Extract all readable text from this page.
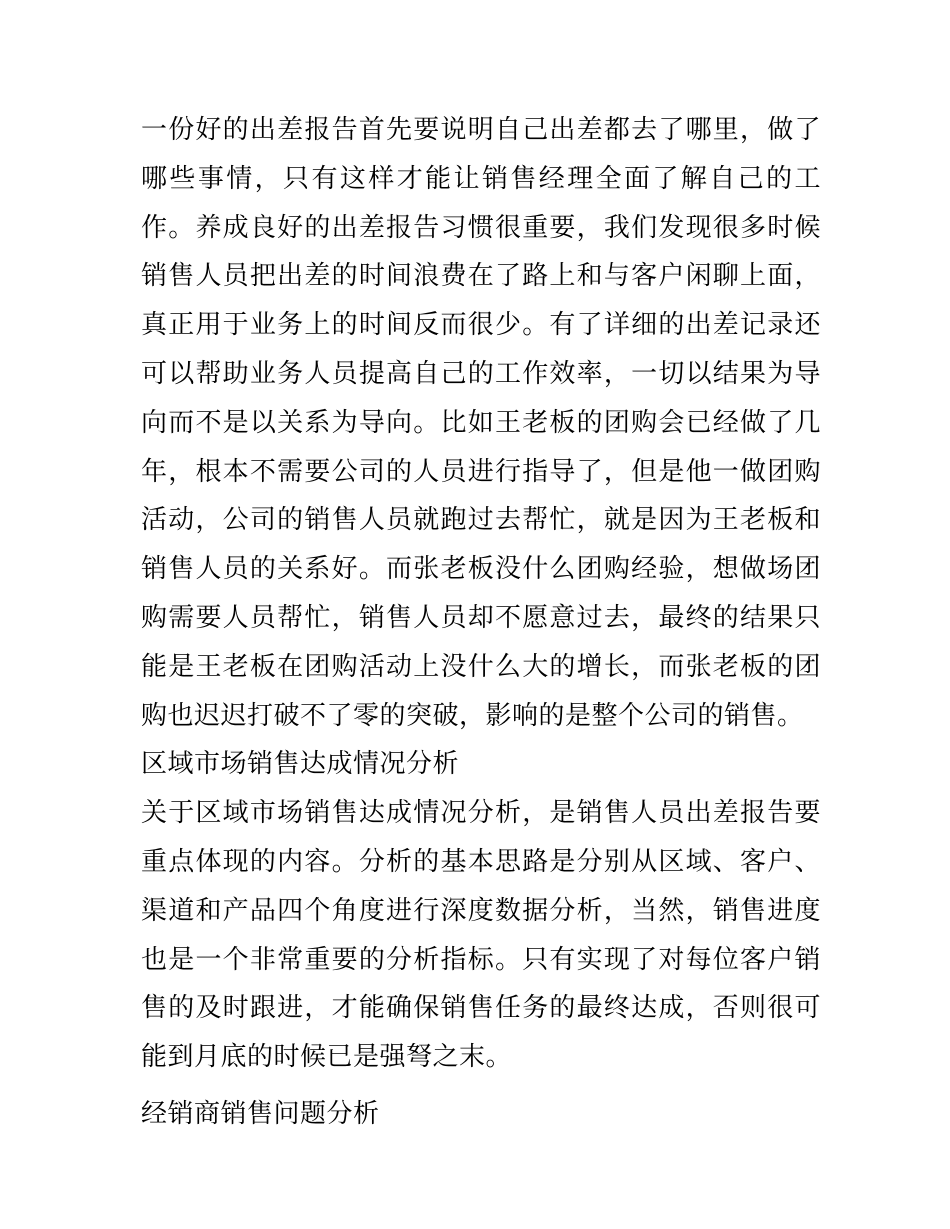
一份好的出差报告首先要说明自己出差都去了哪里，做了哪些事情，只有这样才能让销售经理全面了解自己的工作。养成良好的出差报告习惯很重要，我们发现很多时候销售人员把出差的时间浪费在了路上和与客户闲聊上面，真正用于业务上的时间反而很少。有了详细的出差记录还可以帮助业务人员提高自己的工作效率，一切以结果为导向而不是以关系为导向。比如王老板的团购会已经做了几年，根本不需要公司的人员进行指导了，但是他一做团购活动，公司的销售人员就跑过去帮忙，就是因为王老板和销售人员的关系好。而张老板没什么团购经验，想做场团购需要人员帮忙，销售人员却不愿意过去，最终的结果只能是王老板在团购活动上没什么大的增长，而张老板的团购也迟迟打破不了零的突破，影响的是整个公司的销售。

区域市场销售达成情况分析

关于区域市场销售达成情况分析，是销售人员出差报告要重点体现的内容。分析的基本思路是分别从区域、客户、渠道和产品四个角度进行深度数据分析，当然，销售进度也是一个非常重要的分析指标。只有实现了对每位客户销售的及时跟进，才能确保销售任务的最终达成，否则很可能到月底的时候已是强弩之末。

经销商销售问题分析
